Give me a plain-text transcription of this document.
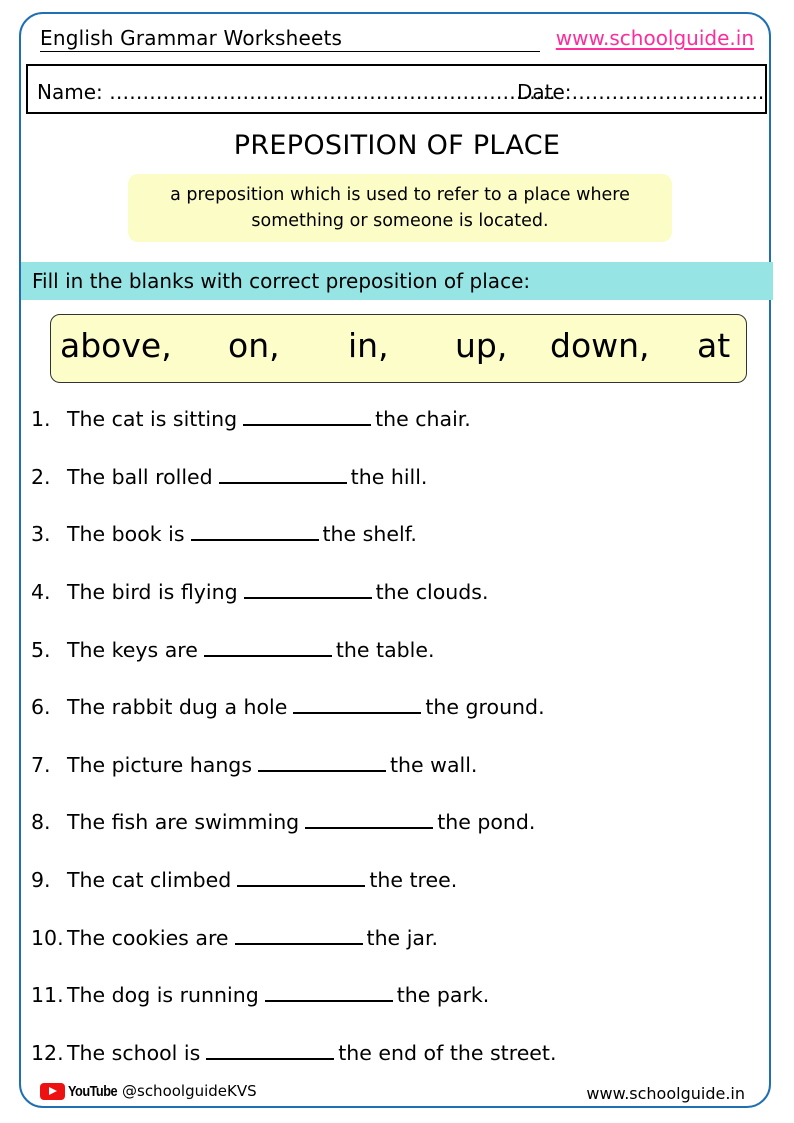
English Grammar Worksheets	www.schoolguide.in
Name: ………………………………………………………….
Date:………………………..
PREPOSITION OF PLACE
a preposition which is used to refer to a place where
something or someone is located.
Fill in the blanks with correct preposition of place:
above, on, in, up, down, at
1. The cat is sitting	the chair.
2. The ball rolled	the hill.
3. The book is	the shelf.
4. The bird is flying	the clouds.
5. The keys are	the table.
6. The rabbit dug a hole	the ground.
7. The picture hangs	the wall.
8. The fish are swimming	the pond.
9. The cat climbed	the tree.
10. The cookies are	the jar.
11. The dog is running	the park.
12. The school is	the end of the street.
YouTube @schoolguideKVS	www.schoolguide.in
